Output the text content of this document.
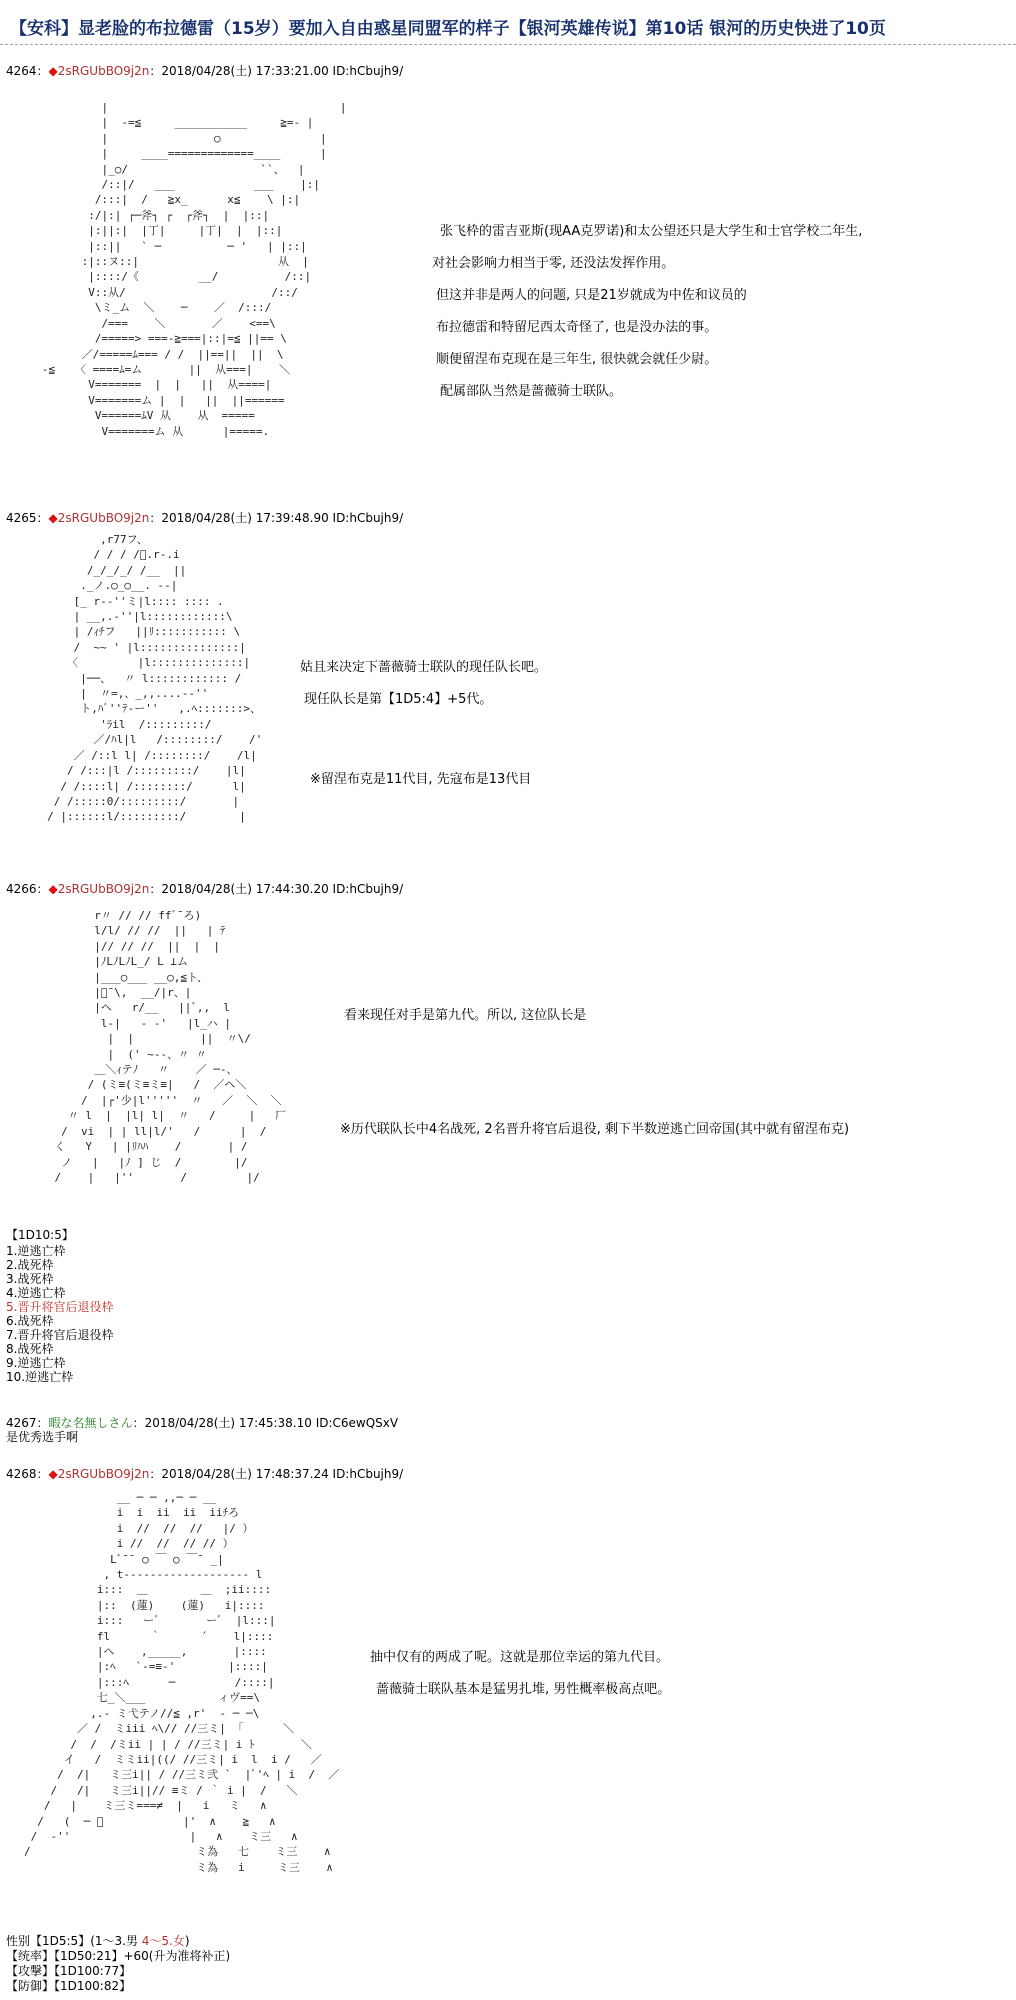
【安科】显老脸的布拉德雷（15岁）要加入自由惑星同盟军的样子【银河英雄传说】第10话 银河的历史快进了10页
4264：◆2sRGUbBO9j2n：2018/04/28(土) 17:33:21.00 ID:hCbujh9/
|                                   |
|  -=≦     ___________     ≧=- |
|                ○               |
|     ____=============____      |
|_○/                    ``、  |
/::|/   ___            ___    |:|
/:::|  /   ≧x_      x≦    \ |:|
:/|:| ┌─斧┐ ┌  ┌斧┐  |  |::|
|:||:|  |丁|     |丁|  |  |::|
|::||   ` ─          ─ '   | |::|
:|::ヌ::|                     从  |
|::::/《         __/          /::|
V::从/                      /::/
\ミ_ム  ＼    ─    ／  /:::/
/===    ＼       ／    <==\
/=====> ===-≧===|::|=≦ ||== \
／/=====ﾑ=== / /  ||==||  ||  \
-≦   〈 ====ﾑ=ム       ||  从===|    ＼
V=======  |  |   ||  从====|
V=======ム |  |   ||  ||======
V======ﾑV 从    从  =====
V=======ム 从      |=====.
张飞枠的雷吉亚斯(现AA克罗诺)和太公望还只是大学生和士官学校二年生,
对社会影响力相当于零, 还没法发挥作用。
但这并非是两人的问题, 只是21岁就成为中佐和议员的
布拉德雷和特留尼西太奇怪了, 也是没办法的事。
顺便留涅布克现在是三年生, 很快就会就任少尉。
配属部队当然是蔷薇骑士联队。
4265：◆2sRGUbBO9j2n：2018/04/28(土) 17:39:48.90 ID:hCbujh9/
,r77フ、
/ / / /ﾞ.r-.i
/_/_/_/ /__  ||
._ノ.○_○__. ‐-|
[_ r‐‐''ミ|l:::: :::: .
| __,.‐''|l::::::::::::\
| /ｨﾁフ   ||ﾘ::::::::::: \
/  ~~ ' |l:::::::::::::::|
〈         |l::::::::::::::|
|──、  〃 l:::::::::::: /
|  〃=,、_,,....-‐''
ト,ﾊﾞ''ﾃ‐ー''   ,.ﾍ:::::::>、
'ﾗil  /:::::::::/
／/ﾊl|l   /::::::::/    /'
／ /::l l| /::::::::/    /l|
/ /:::|l /:::::::::/    |l|
/ /::::l| /::::::::/      l|
/ /:::::0/:::::::::/       |
/ |::::::l/:::::::::/        |
姑且来决定下蔷薇骑士联队的现任队长吧。
现任队长是第【1D5:4】+5代。
※留涅布克是11代目, 先寇布是13代目
4266：◆2sRGUbBO9j2n：2018/04/28(土) 17:44:30.20 ID:hCbujh9/
r〃 // // ffﾞ¯ろ)
l/l/ // //  ||   | ﾃ
|// // //  ||  |  |
|ﾉLﾉLﾉL_/ L ⊥ム
|___○___ __○,≦ト、
|ﾞ¯\,  __/|r、|
|ヘ   r/__   ||ﾞ,,  l
l-|   ‐ ‐'   |l_ハ |
|  |          ||  〃\/
|  (' ~‐-、〃 〃
＿＼ｨテﾉ   〃    ／ ─-、
/ (ミ≡(ミ≡ミ≡|   /  ／ヘ＼
/  |┌'少|l'''''  〃   ／  ＼  ＼
〃 l  |  |l| l|  〃   /     |   厂
/  vi  | | ll|l/'   /      |  /
く   Y   | |ﾘﾊﾊ    /       | /
ノ   |   |ﾉ ] じ  /        |/
/    |   |''       /         |/
看来现任对手是第九代。所以, 这位队长是
※历代联队长中4名战死, 2名晋升将官后退役, 剩下半数逆逃亡回帝国(其中就有留涅布克)
【1D10:5】
1.逆逃亡枠
2.战死枠
3.战死枠
4.逆逃亡枠
5.晋升将官后退役枠
6.战死枠
7.晋升将官后退役枠
8.战死枠
9.逆逃亡枠
10.逆逃亡枠
4267：暇な名無しさん：2018/04/28(土) 17:45:38.10 ID:C6ewQSxV
是优秀选手啊
4268：◆2sRGUbBO9j2n：2018/04/28(土) 17:48:37.24 ID:hCbujh9/
__ ─ ─ ,,─ ─ __
i  i  ii  ii  iiﾁろ
i  //  //  //   |/ ）
i //  //  // // ）
Lﾞ¯¯ ○ ￣ ○ ￣¯ _|
, t‐‐‐‐‐‐‐‐‐‐‐‐‐‐‐‐‐‐‐ l
i:::  ＿        ＿  ;ii::::
|::  (蓮)    (蓮)   i|::::
i:::   ーﾞ       ーﾞ  |l:::|
fl      ｀      ´    l|::::
|ヘ    ,_____,       |::::
|:ﾍ   `‐=≡‐'        |::::|
|:::ﾍ      ─         /::::|
七_＼___           ィヴ==\
,.- ミ弋テノ//≦ ,r'  ‐ ─ ─\
／ /  ミiii ﾍ\// //三ミ| 「      ＼
/  /  /ミii | | / //三ミ| i ﾄ       ＼
イ   /  ミミii|((/ //三ミ| i  l  i /   ／
/  /|   ミ三i|| / //三ミ弐 `  |ﾞ'ﾍ | i  /  ／
/   /|   ミ三i||// ≡ミ / ｀ i |  /   ＼
/   |    ミ三ミ===≠  |   i   ミ   ∧
/   (  ─ ﾞ            |'  ∧    ≧   ∧
/  ‐''                  |   ∧    ミ三   ∧
/                         ミ為   七    ミ三    ∧
ミ為   i     ミ三    ∧
抽中仅有的两成了呢。这就是那位幸运的第九代目。
蔷薇骑士联队基本是猛男扎堆, 男性概率极高点吧。
性别【1D5:5】(1～3.男 4～5.女)
【统率】【1D50:21】+60(升为准将补正)
【攻撃】【1D100:77】
【防御】【1D100:82】
